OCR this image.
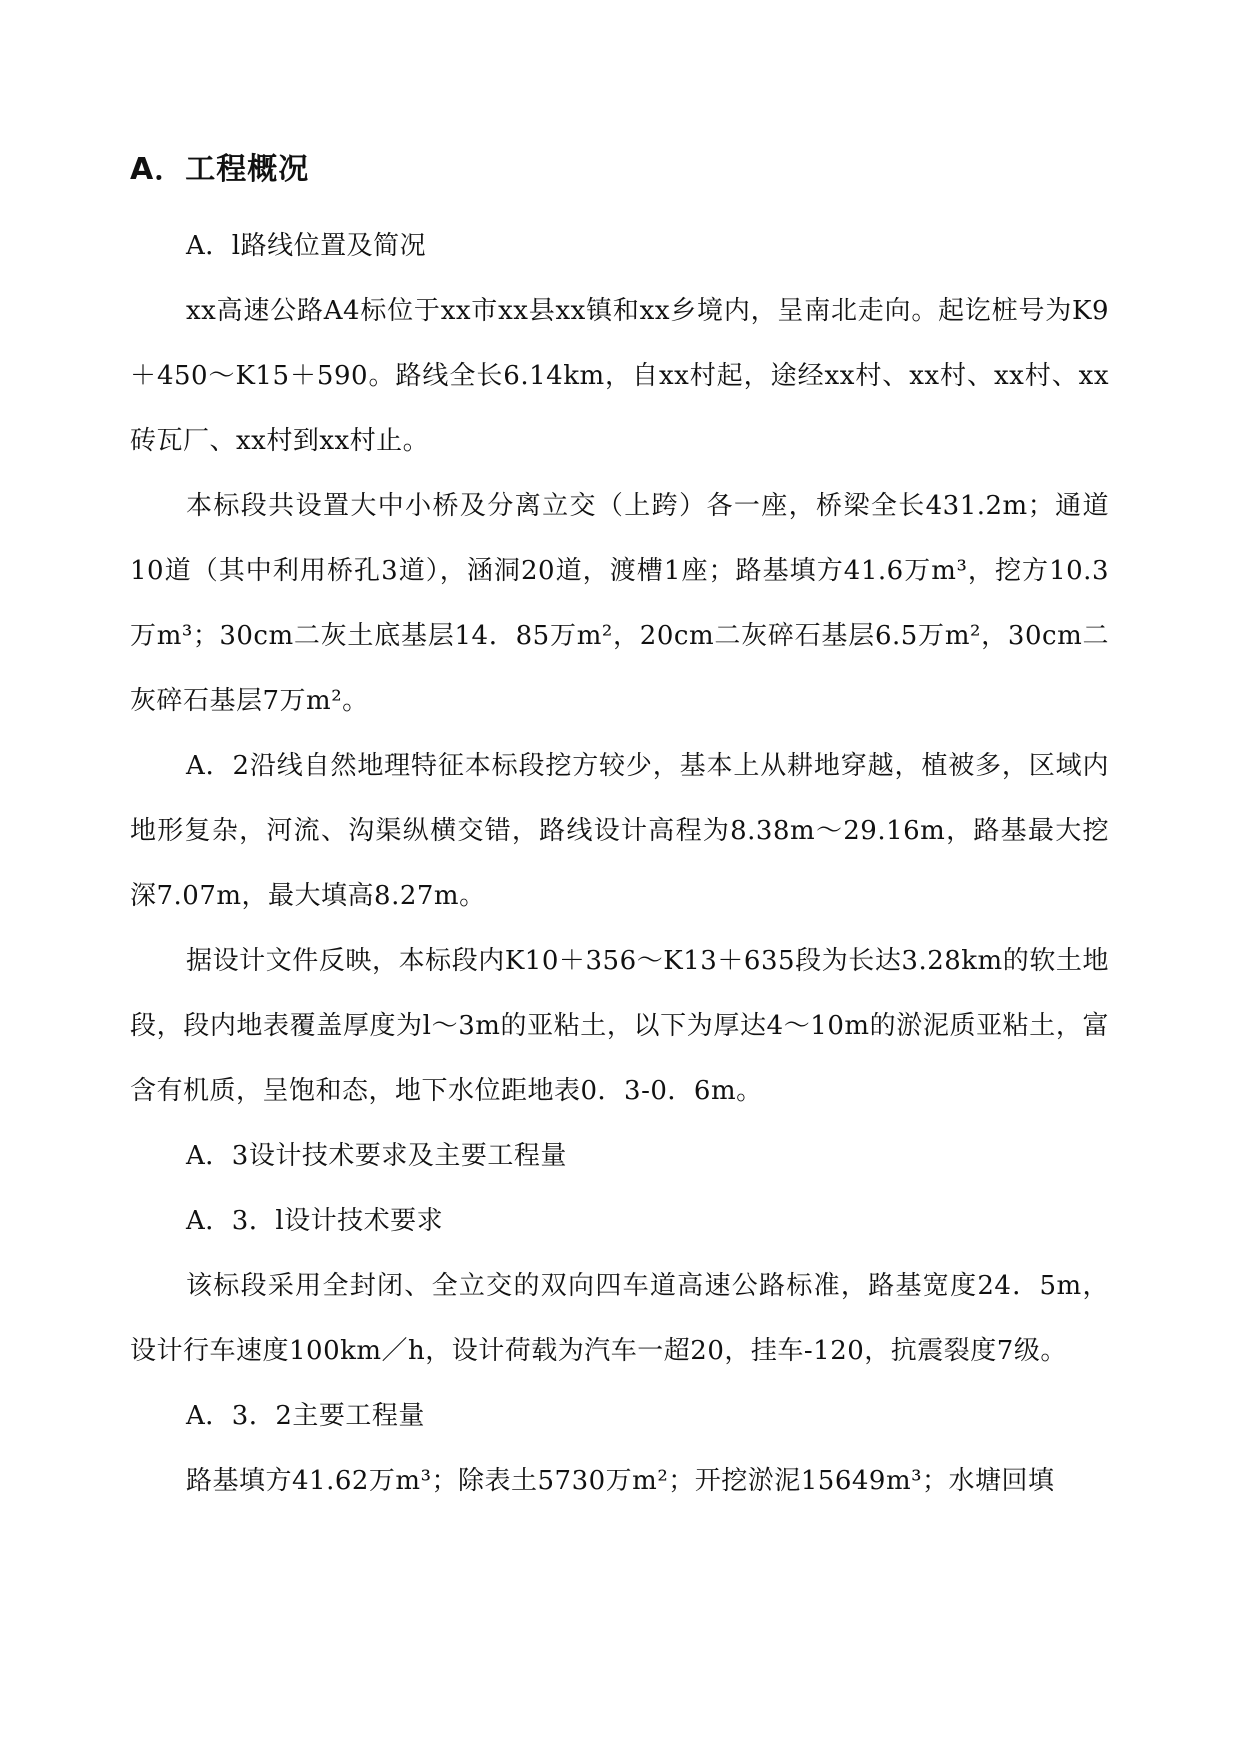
A．工程概况

A．l路线位置及简况

xx高速公路A4标位于xx市xx县xx镇和xx乡境内，呈南北走向。起讫桩号为K9＋450～K15＋590。路线全长6.14km，自xx村起，途经xx村、xx村、xx村、xx砖瓦厂、xx村到xx村止。

本标段共设置大中小桥及分离立交（上跨）各一座，桥梁全长431.2m；通道10道（其中利用桥孔3道），涵洞20道，渡槽1座；路基填方41.6万m³，挖方10.3万m³；30cm二灰土底基层14．85万m²，20cm二灰碎石基层6.5万m²，30cm二灰碎石基层7万m²。

A．2沿线自然地理特征本标段挖方较少，基本上从耕地穿越，植被多，区域内地形复杂，河流、沟渠纵横交错，路线设计高程为8.38m～29.16m，路基最大挖深7.07m，最大填高8.27m。

据设计文件反映，本标段内K10＋356～K13＋635段为长达3.28km的软土地段，段内地表覆盖厚度为l～3m的亚粘土，以下为厚达4～10m的淤泥质亚粘土，富含有机质，呈饱和态，地下水位距地表0．3-0．6m。

A．3设计技术要求及主要工程量

A．3．l设计技术要求

该标段采用全封闭、全立交的双向四车道高速公路标准，路基宽度24．5m，设计行车速度100km／h，设计荷载为汽车一超20，挂车-120，抗震裂度7级。

A．3．2主要工程量

路基填方41.62万m³；除表土5730万m²；开挖淤泥15649m³；水塘回填
